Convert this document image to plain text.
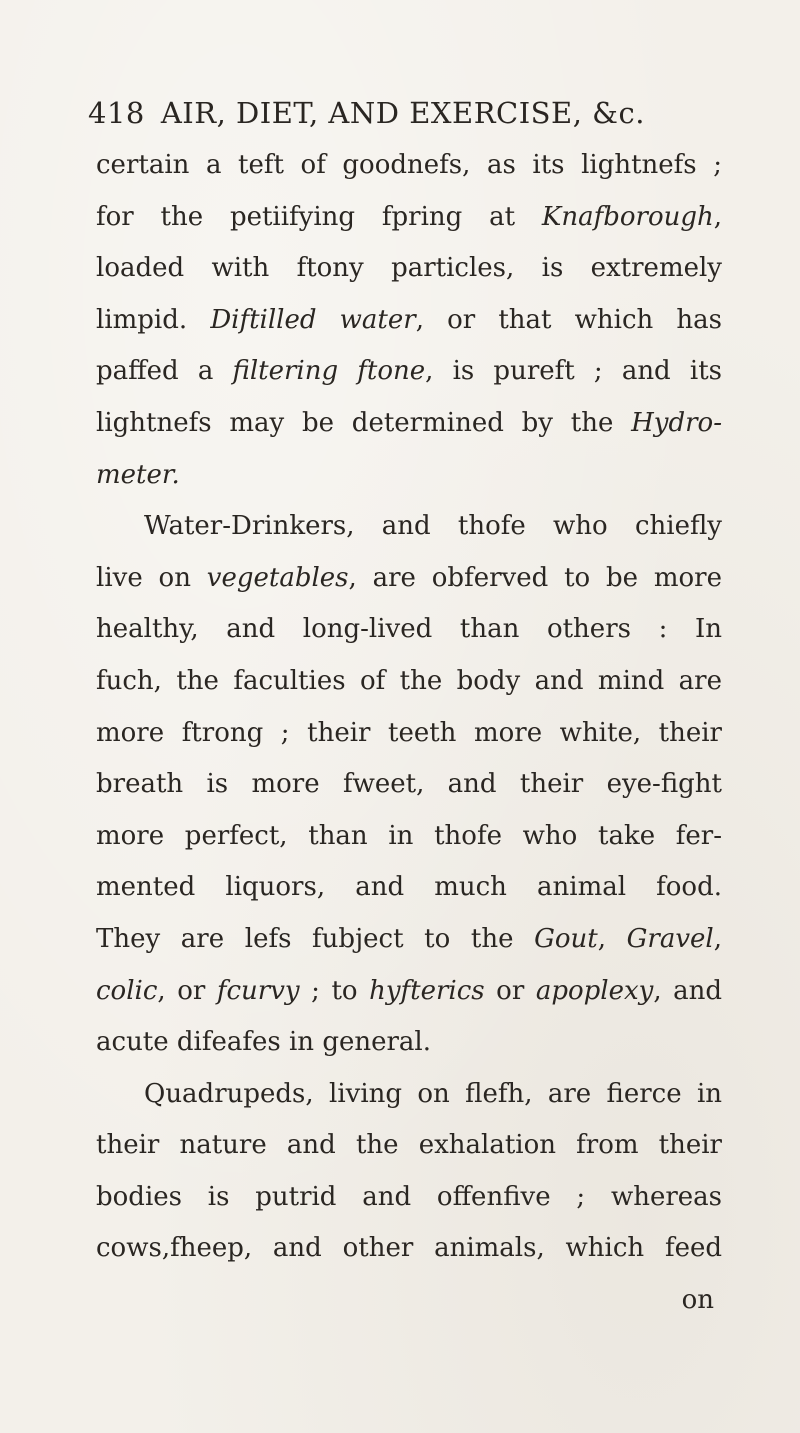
418 AIR, DIET, AND EXERCISE, &c.
certain a teft of goodnefs, as its lightnefs ;
for the petiifying fpring at Knafborough,
loaded with ftony particles, is extremely
limpid. Diftilled water, or that which has
paffed a filtering ftone, is pureft ; and its
lightnefs may be determined by the Hydro-
meter.
Water-Drinkers, and thofe who chiefly
live on vegetables, are obferved to be more
healthy, and long-lived than others : In
fuch, the faculties of the body and mind are
more ftrong ; their teeth more white, their
breath is more fweet, and their eye-fight
more perfect, than in thofe who take fer-
mented liquors, and much animal food.
They are lefs fubject to the Gout, Gravel,
colic, or fcurvy ; to hyfterics or apoplexy, and
acute difeafes in general.
Quadrupeds, living on flefh, are fierce in
their nature and the exhalation from their
bodies is putrid and offenfive ; whereas
cows,fheep, and other animals, which feed
on
